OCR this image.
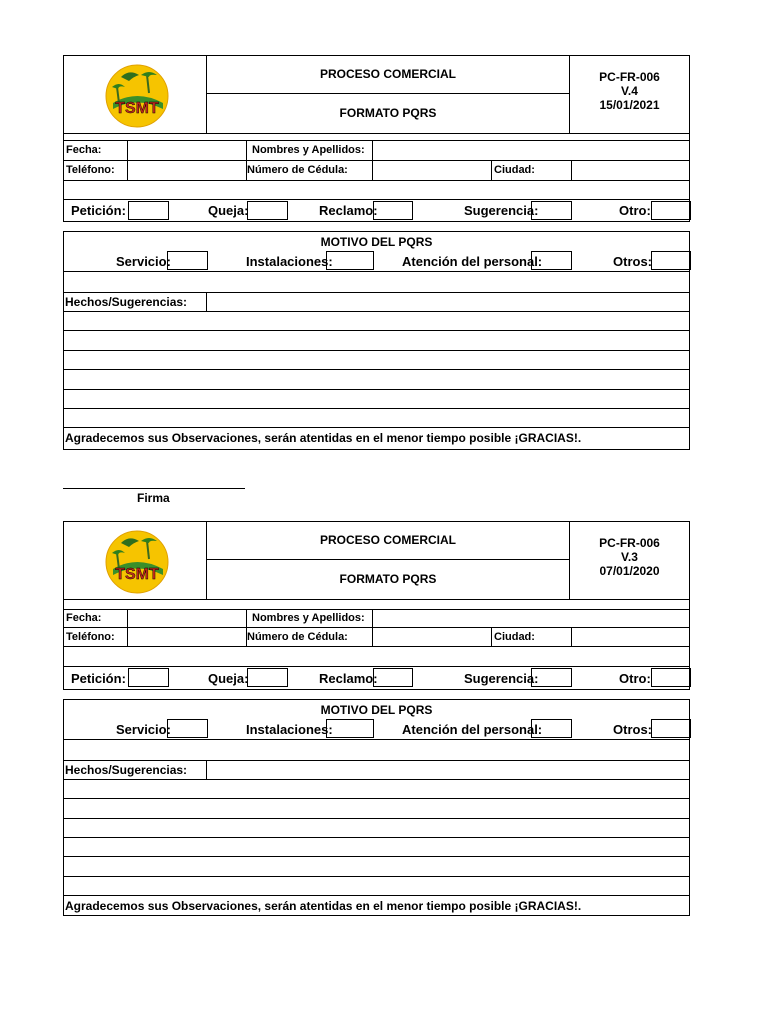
TSMT
PROCESO COMERCIAL
FORMATO PQRS
PC-FR-006
V.4
15/01/2021
Fecha:	Nombres y Apellidos:
Teléfono:	Número de Cédula:	Ciudad:
Petición:	Queja:	Reclamo:	Sugerencia:	Otro:
MOTIVO DEL PQRS
Servicio:	Instalaciones:	Atención del personal:	Otros:
Hechos/Sugerencias:
Agradecemos sus Observaciones, serán atentidas en el menor tiempo posible ¡GRACIAS!.
Firma
TSMT
PROCESO COMERCIAL
FORMATO PQRS
PC-FR-006
V.3
07/01/2020
Fecha:	Nombres y Apellidos:
Teléfono:	Número de Cédula:	Ciudad:
Petición:	Queja:	Reclamo:	Sugerencia:	Otro:
MOTIVO DEL PQRS
Servicio:	Instalaciones:	Atención del personal:	Otros:
Hechos/Sugerencias:
Agradecemos sus Observaciones, serán atentidas en el menor tiempo posible ¡GRACIAS!.
